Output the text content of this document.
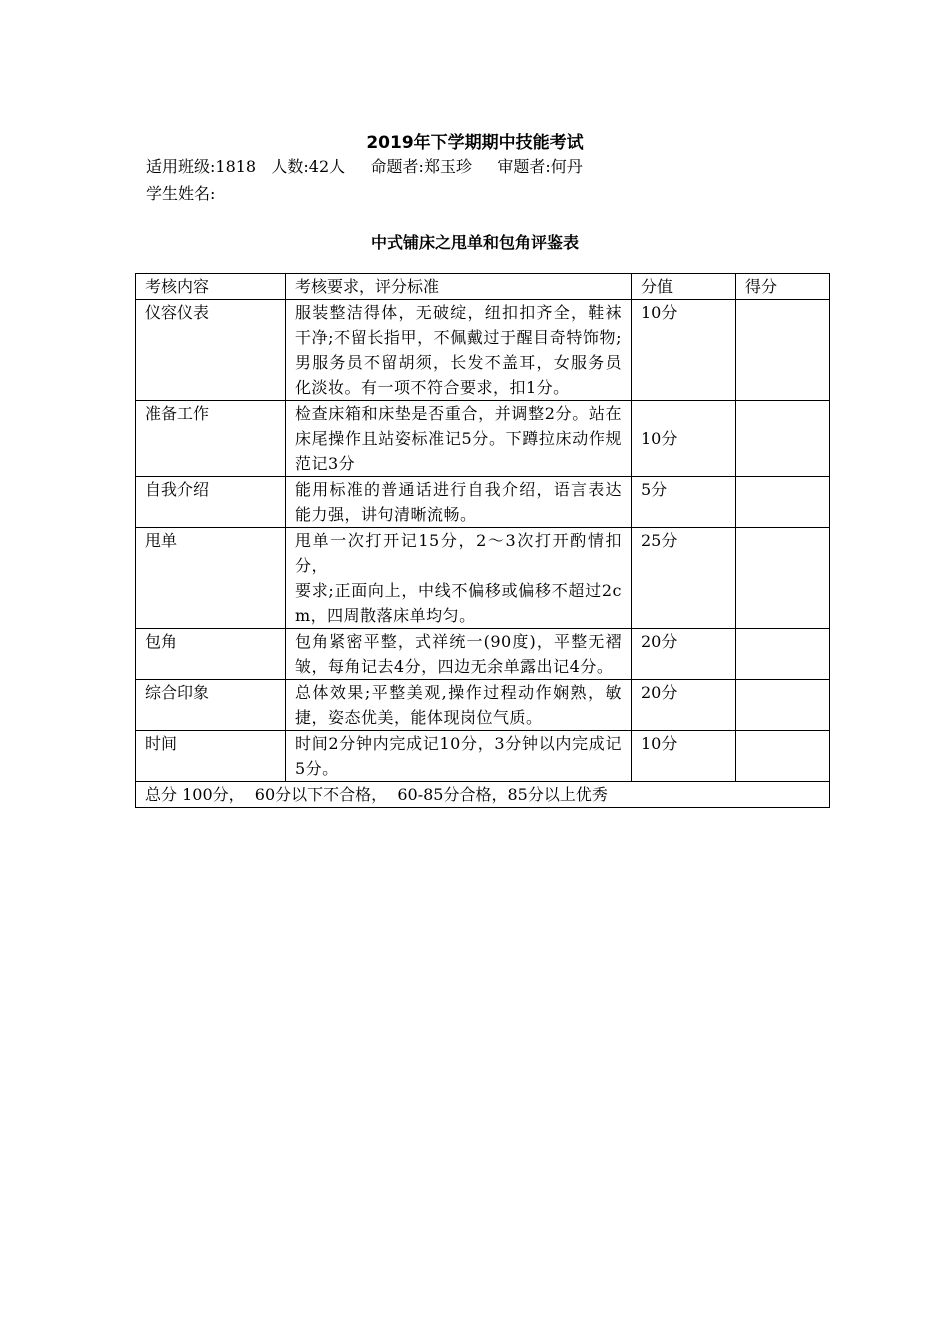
2019年下学期期中技能考试
适用班级:1818   人数:42人     命题者:郑玉珍     审题者:何丹
学生姓名:
中式铺床之甩单和包角评鉴表
考核内容	考核要求，评分标准	分值	得分
仪容仪表	服装整洁得体，无破绽，纽扣扣齐全，鞋袜干净;不留长指甲，不佩戴过于醒目奇特饰物;男服务员不留胡须，长发不盖耳，女服务员化淡妆。有一项不符合要求，扣1分。	10分	
准备工作	检查床箱和床垫是否重合，并调整2分。站在床尾操作且站姿标准记5分。下蹲拉床动作规范记3分	10分	
自我介绍	能用标准的普通话进行自我介绍，语言表达能力强，讲句清晰流畅。	5分	
甩单	甩单一次打开记15分，2～3次打开酌情扣分，
要求;正面向上，中线不偏移或偏移不超过2cm，四周散落床单均匀。	25分	
包角	包角紧密平整，式祥统一(90度)，平整无褶皱，每角记去4分，四边无余单露出记4分。	20分	
综合印象	总体效果;平整美观,操作过程动作娴熟，敏捷，姿态优美，能体现岗位气质。	20分	
时间	时间2分钟内完成记10分，3分钟以内完成记5分。	10分	
总分 100分，  60分以下不合格，  60-85分合格，85分以上优秀			
